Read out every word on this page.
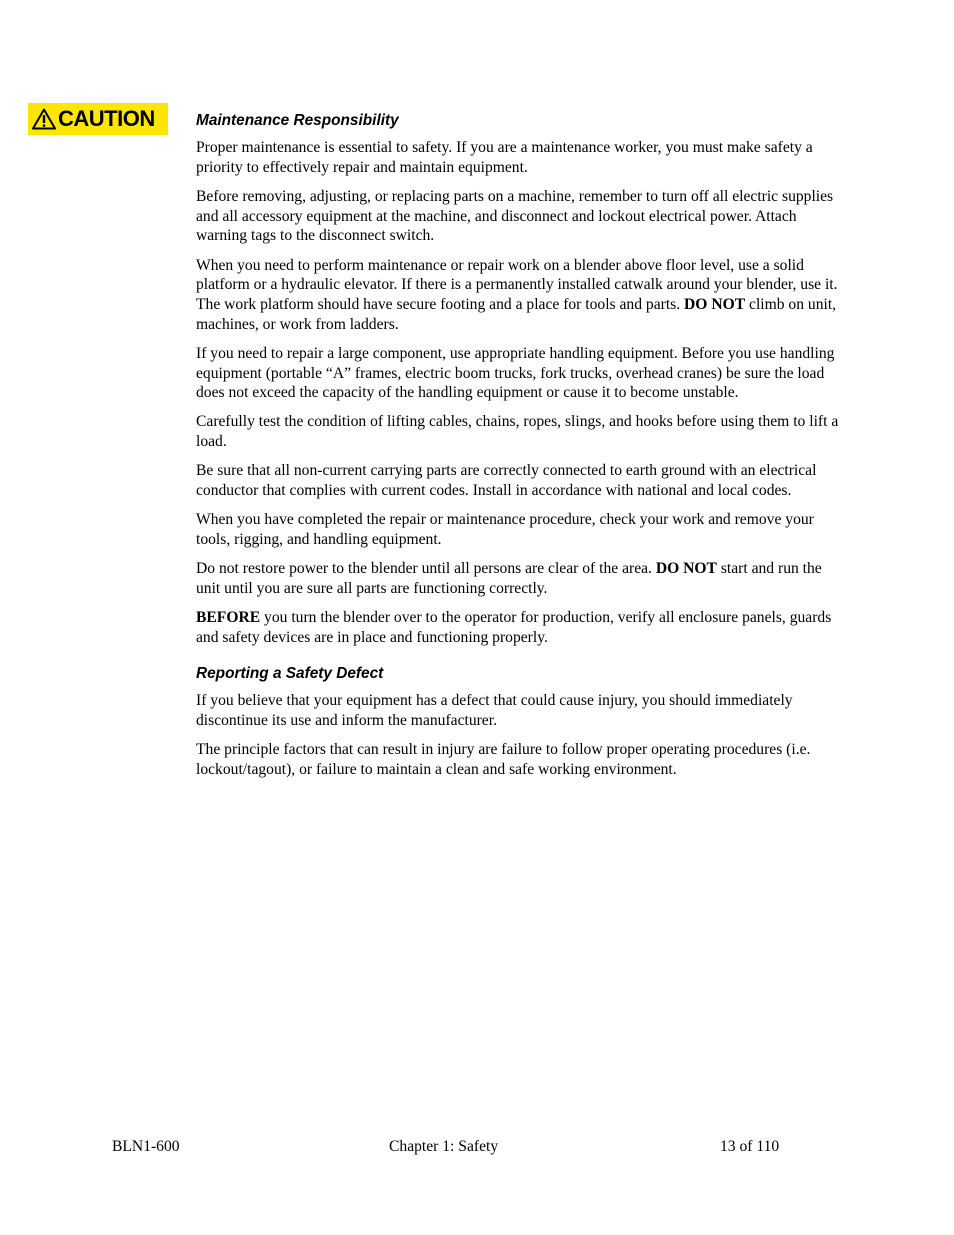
CAUTION	Maintenance Responsibility

Proper maintenance is essential to safety. If you are a maintenance worker, you must make safety a priority to effectively repair and maintain equipment.

Before removing, adjusting, or replacing parts on a machine, remember to turn off all electric supplies and all accessory equipment at the machine, and disconnect and lockout electrical power. Attach warning tags to the disconnect switch.

When you need to perform maintenance or repair work on a blender above floor level, use a solid platform or a hydraulic elevator. If there is a permanently installed catwalk around your blender, use it. The work platform should have secure footing and a place for tools and parts. DO NOT climb on unit, machines, or work from ladders.

If you need to repair a large component, use appropriate handling equipment. Before you use handling equipment (portable “A” frames, electric boom trucks, fork trucks, overhead cranes) be sure the load does not exceed the capacity of the handling equipment or cause it to become unstable.

Carefully test the condition of lifting cables, chains, ropes, slings, and hooks before using them to lift a load.

Be sure that all non-current carrying parts are correctly connected to earth ground with an electrical conductor that complies with current codes. Install in accordance with national and local codes.

When you have completed the repair or maintenance procedure, check your work and remove your tools, rigging, and handling equipment.

Do not restore power to the blender until all persons are clear of the area. DO NOT start and run the unit until you are sure all parts are functioning correctly.

BEFORE you turn the blender over to the operator for production, verify all enclosure panels, guards and safety devices are in place and functioning properly.

Reporting a Safety Defect

If you believe that your equipment has a defect that could cause injury, you should immediately discontinue its use and inform the manufacturer.

The principle factors that can result in injury are failure to follow proper operating procedures (i.e. lockout/tagout), or failure to maintain a clean and safe working environment.

BLN1-600	Chapter 1: Safety	13 of 110
